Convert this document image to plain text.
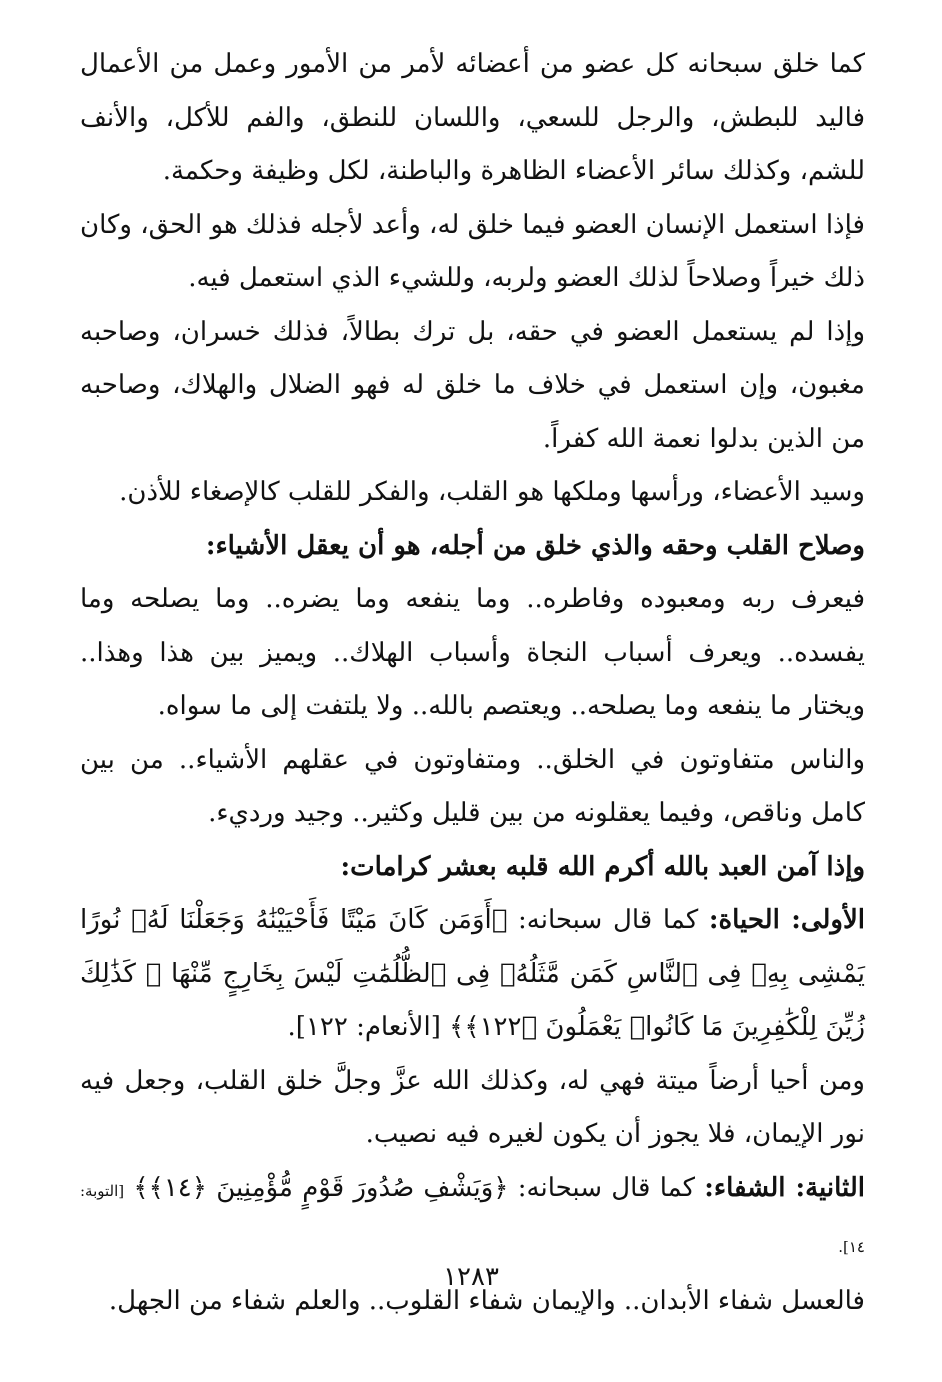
كما خلق سبحانه كل عضو من أعضائه لأمر من الأمور وعمل من الأعمال فاليد للبطش، والرجل للسعي، واللسان للنطق، والفم للأكل، والأنف للشم، وكذلك سائر الأعضاء الظاهرة والباطنة، لكل وظيفة وحكمة.

فإذا استعمل الإنسان العضو فيما خلق له، وأعد لأجله فذلك هو الحق، وكان ذلك خيراً وصلاحاً لذلك العضو ولربه، وللشيء الذي استعمل فيه.

وإذا لم يستعمل العضو في حقه، بل ترك بطالاً، فذلك خسران، وصاحبه مغبون، وإن استعمل في خلاف ما خلق له فهو الضلال والهلاك، وصاحبه من الذين بدلوا نعمة الله كفراً.

وسيد الأعضاء، ورأسها وملكها هو القلب، والفكر للقلب كالإصغاء للأذن.

وصلاح القلب وحقه والذي خلق من أجله، هو أن يعقل الأشياء:

فيعرف ربه ومعبوده وفاطره.. وما ينفعه وما يضره.. وما يصلحه وما يفسده.. ويعرف أسباب النجاة وأسباب الهلاك.. ويميز بين هذا وهذا.. ويختار ما ينفعه وما يصلحه.. ويعتصم بالله.. ولا يلتفت إلى ما سواه.

والناس متفاوتون في الخلق.. ومتفاوتون في عقلهم الأشياء.. من بين كامل وناقص، وفيما يعقلونه من بين قليل وكثير.. وجيد ورديء.

وإذا آمن العبد بالله أكرم الله قلبه بعشر كرامات:

الأولى: الحياة: كما قال سبحانه: ﴿أَوَمَن كَانَ مَيْتًا فَأَحْيَيْنَٰهُ وَجَعَلْنَا لَهُۥ نُورًا يَمْشِى بِهِۦ فِى ٱلنَّاسِ كَمَن مَّثَلُهُۥ فِى ٱلظُّلُمَٰتِ لَيْسَ بِخَارِجٍ مِّنْهَا ۚ كَذَٰلِكَ زُيِّنَ لِلْكَٰفِرِينَ مَا كَانُوا۟ يَعْمَلُونَ ﴿١٢٢﴾﴾ [الأنعام: ١٢٢].

ومن أحيا أرضاً ميتة فهي له، وكذلك الله عزَّ وجلَّ خلق القلب، وجعل فيه نور الإيمان، فلا يجوز أن يكون لغيره فيه نصيب.

الثانية: الشفاء: كما قال سبحانه: ﴿وَيَشْفِ صُدُورَ قَوْمٍ مُّؤْمِنِينَ ﴿١٤﴾﴾ [التوبة: ١٤].

فالعسل شفاء الأبدان.. والإيمان شفاء القلوب.. والعلم شفاء من الجهل.

١٢٨٣
